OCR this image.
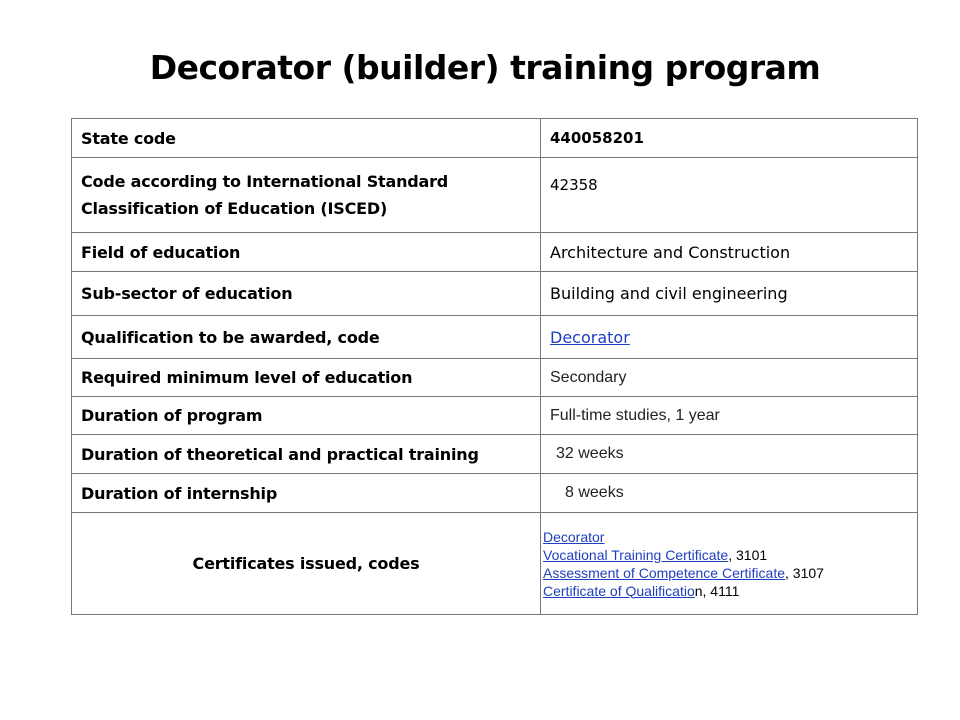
Decorator (builder) training program
State code	440058201
Code according to International Standard Classification of Education (ISCED)	42358
Field of education	Architecture and Construction
Sub-sector of education	Building and civil engineering
Qualification to be awarded, code	Decorator
Required minimum level of education	Secondary
Duration of program	Full-time studies, 1 year
Duration of theoretical and practical training	32 weeks
Duration of internship	8 weeks
Certificates issued, codes	Decorator
Vocational Training Certificate, 3101
Assessment of Competence Certificate, 3107
Certificate of Qualification, 4111
